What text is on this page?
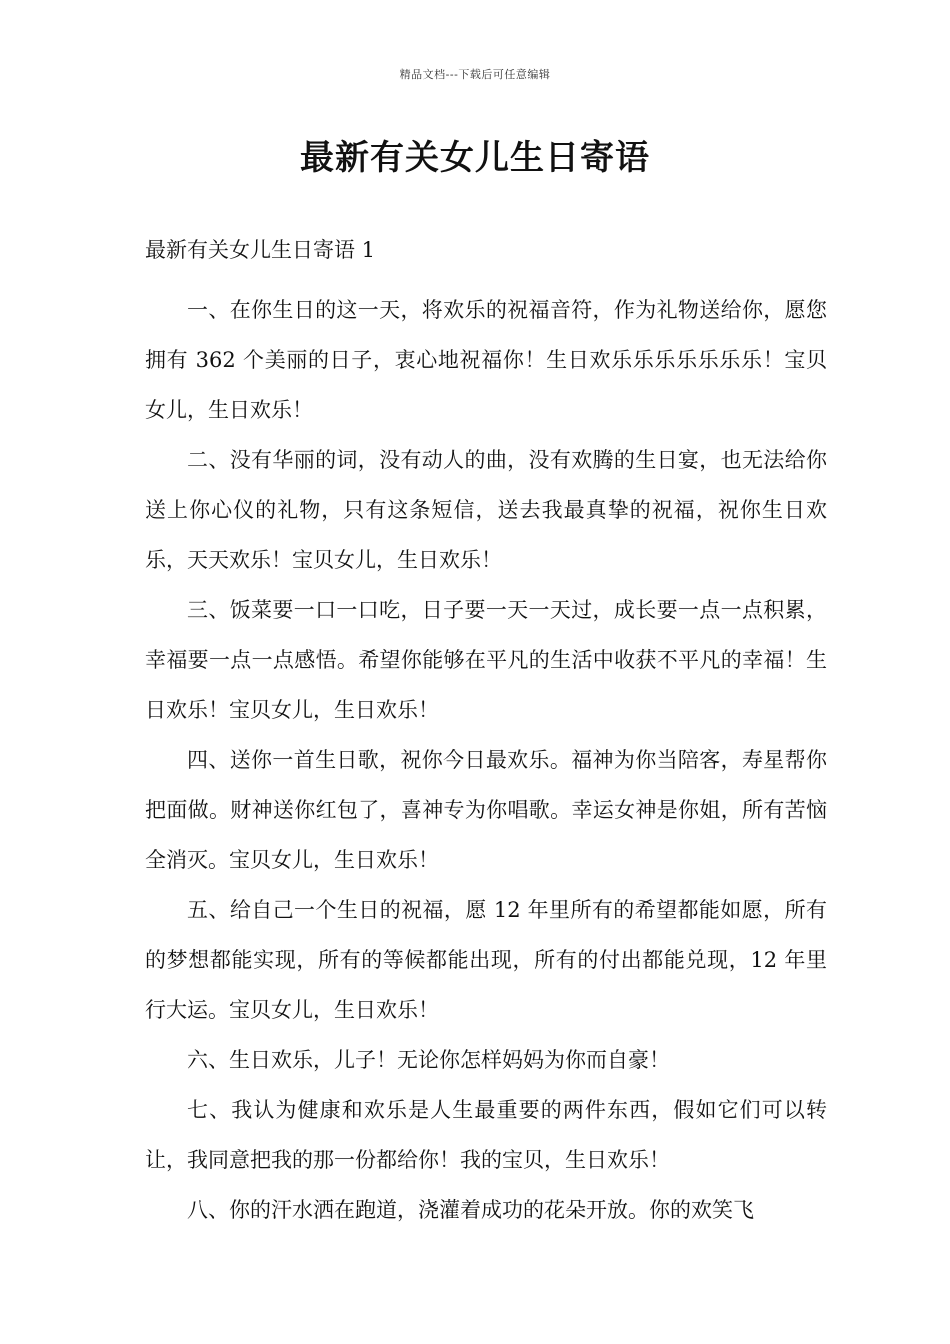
精品文档---下载后可任意编辑
最新有关女儿生日寄语

最新有关女儿生日寄语 1

一、在你生日的这一天，将欢乐的祝福音符，作为礼物送给你，愿您拥有 362 个美丽的日子，衷心地祝福你！生日欢乐乐乐乐乐乐乐！宝贝女儿，生日欢乐！

二、没有华丽的词，没有动人的曲，没有欢腾的生日宴，也无法给你送上你心仪的礼物，只有这条短信，送去我最真挚的祝福，祝你生日欢乐，天天欢乐！宝贝女儿，生日欢乐！

三、饭菜要一口一口吃，日子要一天一天过，成长要一点一点积累，幸福要一点一点感悟。希望你能够在平凡的生活中收获不平凡的幸福！生日欢乐！宝贝女儿，生日欢乐！

四、送你一首生日歌，祝你今日最欢乐。福神为你当陪客，寿星帮你把面做。财神送你红包了，喜神专为你唱歌。幸运女神是你姐，所有苦恼全消灭。宝贝女儿，生日欢乐！

五、给自己一个生日的祝福，愿 12 年里所有的希望都能如愿，所有的梦想都能实现，所有的等候都能出现，所有的付出都能兑现，12 年里行大运。宝贝女儿，生日欢乐！

六、生日欢乐，儿子！无论你怎样妈妈为你而自豪！

七、我认为健康和欢乐是人生最重要的两件东西，假如它们可以转让，我同意把我的那一份都给你！我的宝贝，生日欢乐！

八、你的汗水洒在跑道，浇灌着成功的花朵开放。你的欢笑飞
